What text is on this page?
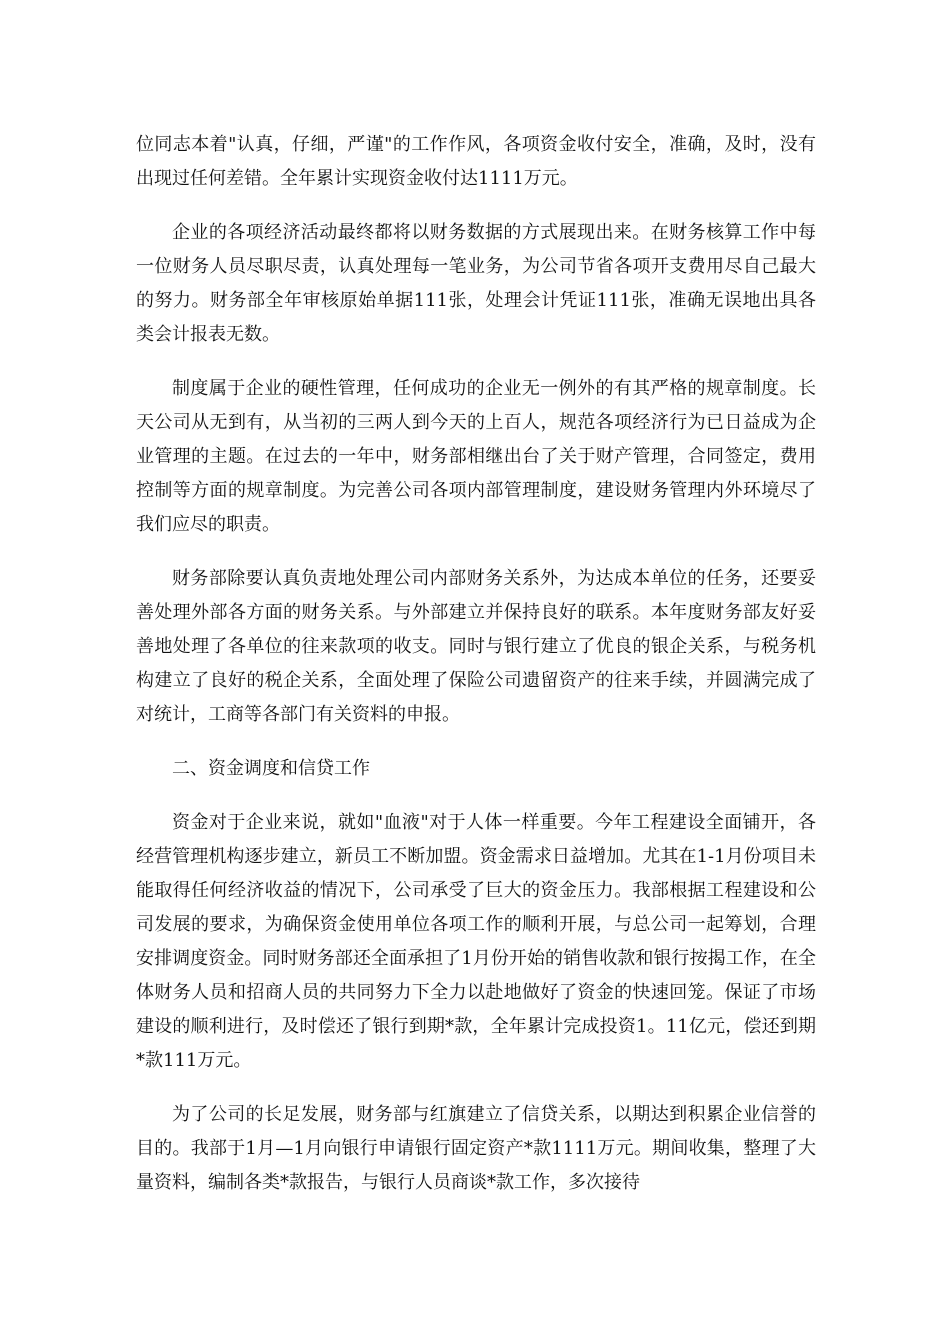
位同志本着"认真，仔细，严谨"的工作作风，各项资金收付安全，准确，及时，没有出现过任何差错。全年累计实现资金收付达1111万元。

企业的各项经济活动最终都将以财务数据的方式展现出来。在财务核算工作中每一位财务人员尽职尽责，认真处理每一笔业务，为公司节省各项开支费用尽自己最大的努力。财务部全年审核原始单据111张，处理会计凭证111张，准确无误地出具各类会计报表无数。

制度属于企业的硬性管理，任何成功的企业无一例外的有其严格的规章制度。长天公司从无到有，从当初的三两人到今天的上百人，规范各项经济行为已日益成为企业管理的主题。在过去的一年中，财务部相继出台了关于财产管理，合同签定，费用控制等方面的规章制度。为完善公司各项内部管理制度，建设财务管理内外环境尽了我们应尽的职责。

财务部除要认真负责地处理公司内部财务关系外，为达成本单位的任务，还要妥善处理外部各方面的财务关系。与外部建立并保持良好的联系。本年度财务部友好妥善地处理了各单位的往来款项的收支。同时与银行建立了优良的银企关系，与税务机构建立了良好的税企关系，全面处理了保险公司遗留资产的往来手续，并圆满完成了对统计，工商等各部门有关资料的申报。

二、资金调度和信贷工作

资金对于企业来说，就如"血液"对于人体一样重要。今年工程建设全面铺开，各经营管理机构逐步建立，新员工不断加盟。资金需求日益增加。尤其在1-1月份项目未能取得任何经济收益的情况下，公司承受了巨大的资金压力。我部根据工程建设和公司发展的要求，为确保资金使用单位各项工作的顺利开展，与总公司一起筹划，合理安排调度资金。同时财务部还全面承担了1月份开始的销售收款和银行按揭工作，在全体财务人员和招商人员的共同努力下全力以赴地做好了资金的快速回笼。保证了市场建设的顺利进行，及时偿还了银行到期*款，全年累计完成投资1。11亿元，偿还到期*款111万元。

为了公司的长足发展，财务部与红旗建立了信贷关系，以期达到积累企业信誉的目的。我部于1月—1月向银行申请银行固定资产*款1111万元。期间收集，整理了大量资料，编制各类*款报告，与银行人员商谈*款工作，多次接待
